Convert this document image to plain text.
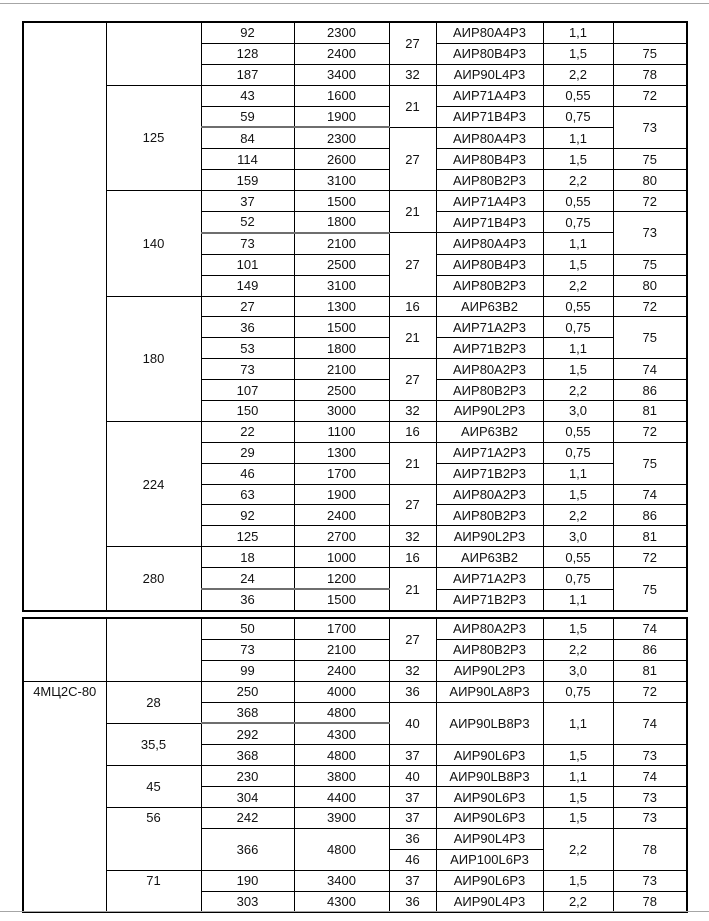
		92	2300	27	АИР80А4Р3	1,1	
		128	2400		АИР80В4Р3	1,5	75
		187	3400	32	АИР90L4Р3	2,2	78
	125	43	1600	21	АИР71А4Р3	0,55	72
		59	1900		АИР71В4Р3	0,75	73
		84	2300	27	АИР80А4Р3	1,1	
		114	2600		АИР80В4Р3	1,5	75
		159	3100		АИР80В2Р3	2,2	80
	140	37	1500	21	АИР71А4Р3	0,55	72
		52	1800		АИР71В4Р3	0,75	73
		73	2100	27	АИР80А4Р3	1,1	
		101	2500		АИР80В4Р3	1,5	75
		149	3100		АИР80В2Р3	2,2	80
	180	27	1300	16	АИР63В2	0,55	72
		36	1500	21	АИР71А2Р3	0,75	75
		53	1800		АИР71В2Р3	1,1	
		73	2100	27	АИР80А2Р3	1,5	74
		107	2500		АИР80В2Р3	2,2	86
		150	3000	32	АИР90L2Р3	3,0	81
	224	22	1100	16	АИР63В2	0,55	72
		29	1300	21	АИР71А2Р3	0,75	75
		46	1700		АИР71В2Р3	1,1	
		63	1900	27	АИР80А2Р3	1,5	74
		92	2400		АИР80В2Р3	2,2	86
		125	2700	32	АИР90L2Р3	3,0	81
	280	18	1000	16	АИР63В2	0,55	72
		24	1200	21	АИР71А2Р3	0,75	75
		36	1500		АИР71В2Р3	1,1	
		50	1700	27	АИР80А2Р3	1,5	74
		73	2100		АИР80В2Р3	2,2	86
		99	2400	32	АИР90L2Р3	3,0	81
4МЦ2С-80	28	250	4000	36	АИР90LA8Р3	0,75	72
		368	4800	40	АИР90LB8Р3	1,1	74
	35,5	292	4300				
		368	4800	37	АИР90L6Р3	1,5	73
	45	230	3800	40	АИР90LB8Р3	1,1	74
		304	4400	37	АИР90L6Р3	1,5	73
	56	242	3900	37	АИР90L6Р3	1,5	73
		366	4800	36	АИР90L4Р3	2,2	78
				46	АИР100L6Р3		
	71	190	3400	37	АИР90L6Р3	1,5	73
		303	4300	36	АИР90L4Р3	2,2	78
